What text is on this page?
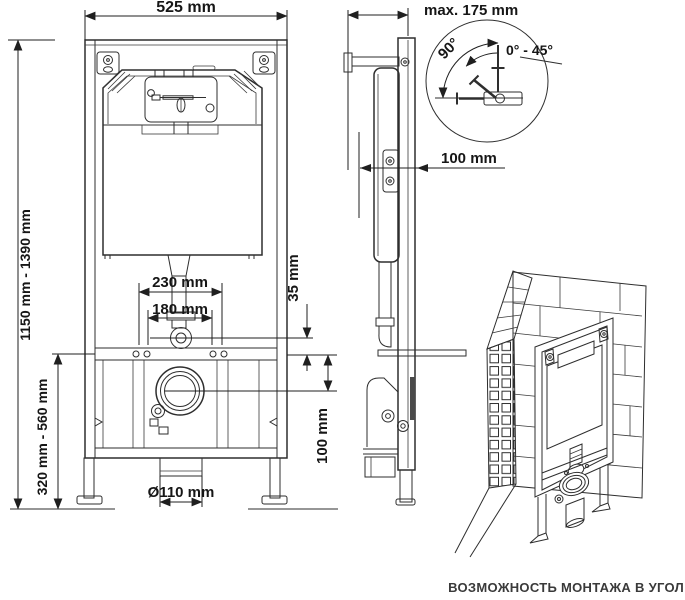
525 mm
1150 mm - 1390 mm	230 mm
180 mm
35 mm
100 mm
320 mm - 560 mm	Ø110 mm
max. 175 mm
100 mm
90°	0° - 45°
ВОЗМОЖНОСТЬ МОНТАЖА В УГОЛ
